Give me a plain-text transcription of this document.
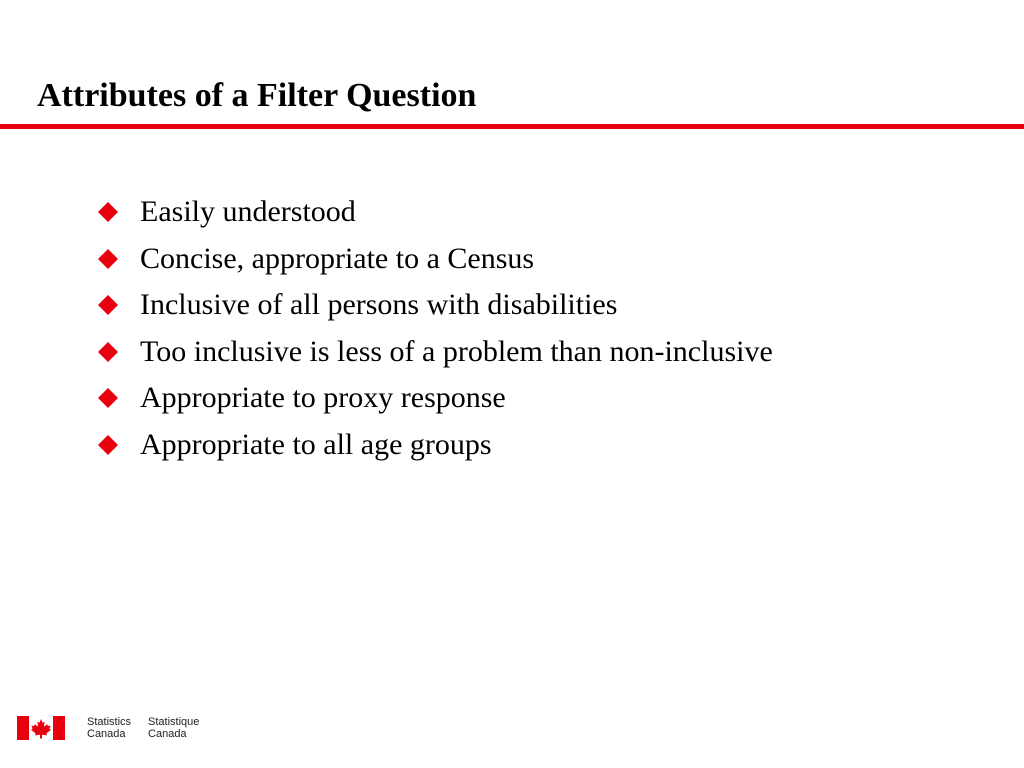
Attributes of a Filter Question
Easily understood
Concise, appropriate to a Census
Inclusive of all persons with disabilities
Too inclusive is less of a problem than non-inclusive
Appropriate to proxy response
Appropriate to all age groups
Statistics
Canada
Statistique
Canada
